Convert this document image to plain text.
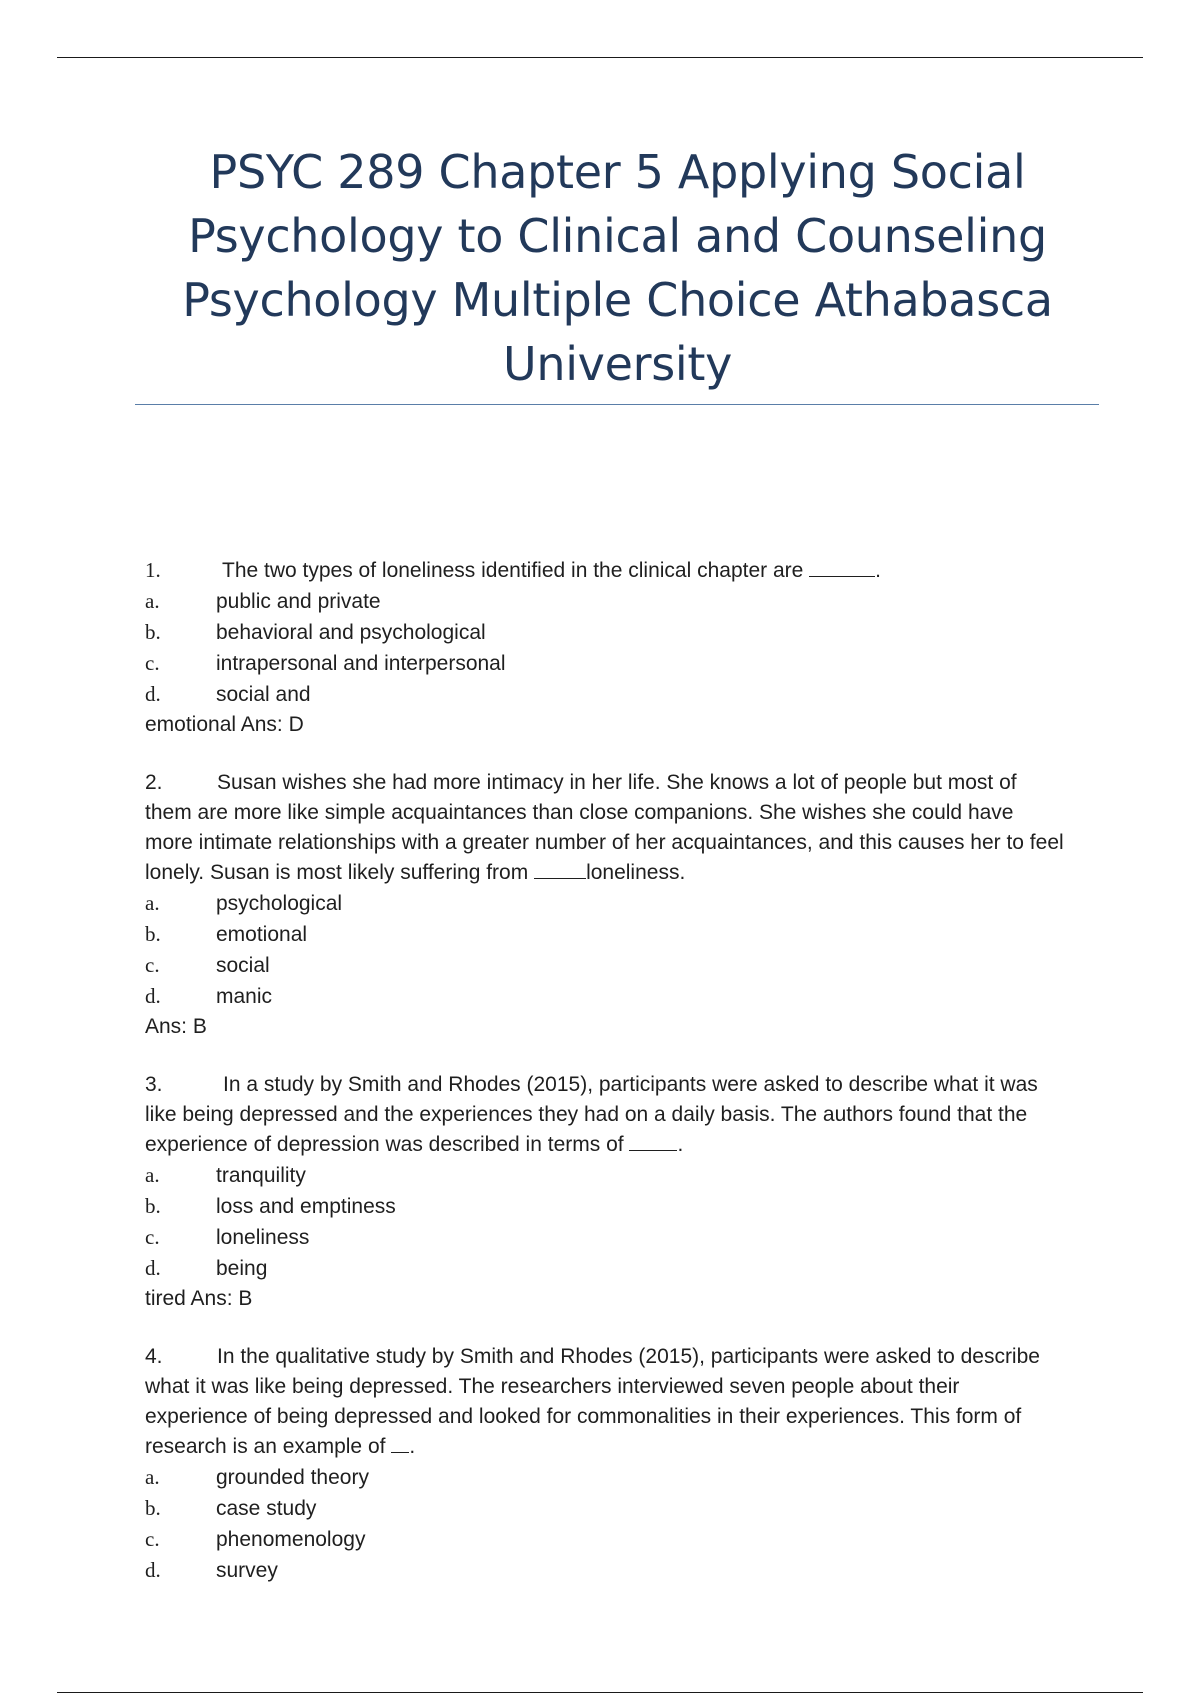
PSYC 289 Chapter 5 Applying Social Psychology to Clinical and Counseling Psychology Multiple Choice Athabasca University

1.	The two types of loneliness identified in the clinical chapter are	.

a.	public and private

b.	behavioral and psychological

c.	intrapersonal and interpersonal

d.	social and

emotional Ans: D

2.	Susan wishes she had more intimacy in her life. She knows a lot of people but most of them are more like simple acquaintances than close companions. She wishes she could have more intimate relationships with a greater number of her acquaintances, and this causes her to feel lonely. Susan is most likely suffering from	loneliness.

a.	psychological

b.	emotional

c.	social

d.	manic

Ans: B

3.	In a study by Smith and Rhodes (2015), participants were asked to describe what it was like being depressed and the experiences they had on a daily basis. The authors found that the experience of depression was described in terms of	.

a.	tranquility

b.	loss and emptiness

c.	loneliness

d.	being

tired Ans: B

4.	In the qualitative study by Smith and Rhodes (2015), participants were asked to describe what it was like being depressed. The researchers interviewed seven people about their experience of being depressed and looked for commonalities in their experiences. This form of research is an example of .

a.	grounded theory

b.	case study

c.	phenomenology

d.	survey
